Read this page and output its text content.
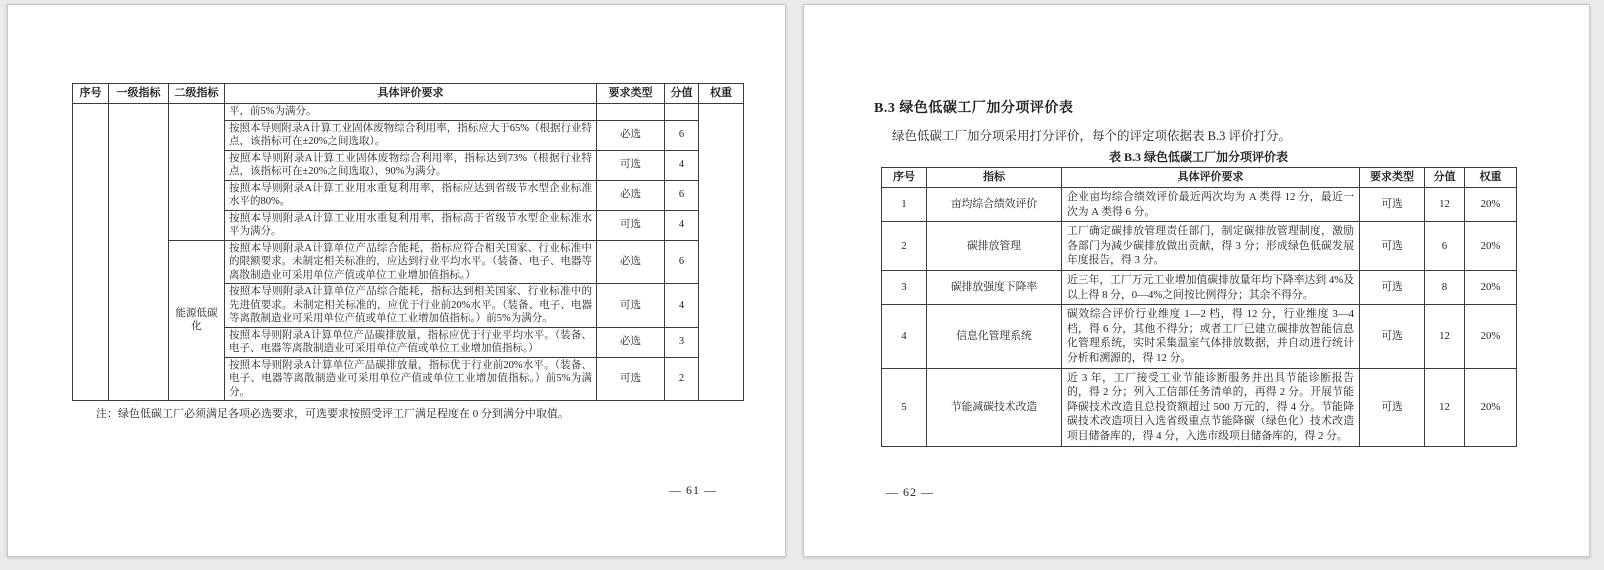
序号	一级指标	二级指标	具体评价要求	要求类型	分值	权重
			平，前5%为满分。			
			按照本导则附录A计算工业固体废物综合利用率，指标应大于65%（根据行业特点，该指标可在±20%之间选取）。	必选	6	
			按照本导则附录A计算工业固体废物综合利用率，指标达到73%（根据行业特点，该指标可在±20%之间选取），90%为满分。	可选	4	
			按照本导则附录A计算工业用水重复利用率，指标应达到省级节水型企业标准水平的80%。	必选	6	
			按照本导则附录A计算工业用水重复利用率，指标高于省级节水型企业标准水平为满分。	可选	4	
		能源低碳化	按照本导则附录A计算单位产品综合能耗，指标应符合相关国家、行业标准中的限额要求。未制定相关标准的，应达到行业平均水平。（装备、电子、电器等离散制造业可采用单位产值或单位工业增加值指标。）	必选	6	
			按照本导则附录A计算单位产品综合能耗，指标达到相关国家、行业标准中的先进值要求。未制定相关标准的，应优于行业前20%水平。（装备、电子、电器等离散制造业可采用单位产值或单位工业增加值指标。）前5%为满分。	可选	4	
			按照本导则附录A计算单位产品碳排放量，指标应优于行业平均水平。（装备、电子、电器等离散制造业可采用单位产值或单位工业增加值指标。）	必选	3	
			按照本导则附录A计算单位产品碳排放量，指标优于行业前20%水平。（装备、电子、电器等离散制造业可采用单位产值或单位工业增加值指标。）前5%为满分。	可选	2	
注：绿色低碳工厂必须满足各项必选要求，可选要求按照受评工厂满足程度在 0 分到满分中取值。
— 61 —
B.3 绿色低碳工厂加分项评价表
绿色低碳工厂加分项采用打分评价，每个的评定项依据表 B.3 评价打分。
表 B.3 绿色低碳工厂加分项评价表
序号	指标	具体评价要求	要求类型	分值	权重
1	亩均综合绩效评价	企业亩均综合绩效评价最近两次均为 A 类得 12 分，最近一次为 A 类得 6 分。	可选	12	20%
2	碳排放管理	工厂确定碳排放管理责任部门，制定碳排放管理制度，激励各部门为减少碳排放做出贡献，得 3 分；形成绿色低碳发展年度报告，得 3 分。	可选	6	20%
3	碳排放强度下降率	近三年，工厂万元工业增加值碳排放量年均下降率达到 4%及以上得 8 分，0—4%之间按比例得分；其余不得分。	可选	8	20%
4	信息化管理系统	碳效综合评价行业维度 1—2 档，得 12 分，行业维度 3—4 档，得 6 分，其他不得分；或者工厂已建立碳排放智能信息化管理系统，实时采集温室气体排放数据，并自动进行统计分析和溯源的，得 12 分。	可选	12	20%
5	节能减碳技术改造	近 3 年，工厂接受工业节能诊断服务并出具节能诊断报告的，得 2 分；列入工信部任务清单的，再得 2 分。开展节能降碳技术改造且总投资额超过 500 万元的，得 4 分。节能降碳技术改造项目入选省级重点节能降碳（绿色化）技术改造项目储备库的，得 4 分，入选市级项目储备库的，得 2 分。	可选	12	20%
— 62 —
